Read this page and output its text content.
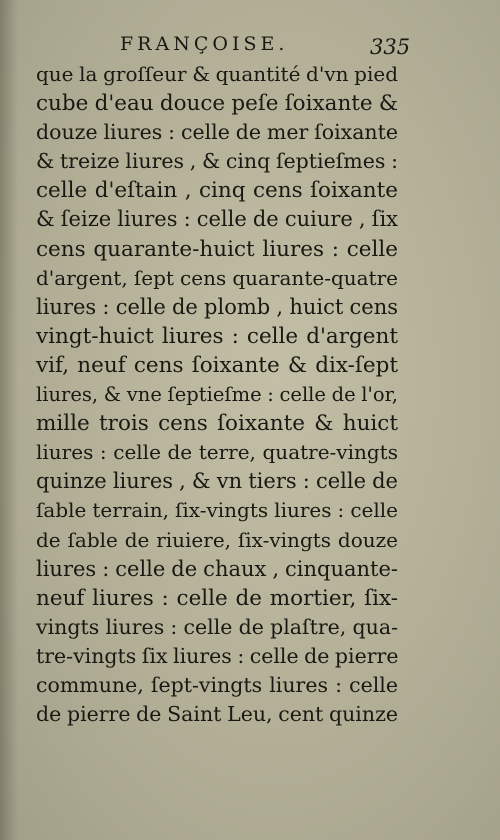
FRANÇOISE.	335
que la groſſeur & quantité d'vn pied
cube d'eau douce peſe ſoixante &
douze liures : celle de mer ſoixante
& treize liures , & cinq ſeptieſmes :
celle d'eſtain , cinq cens ſoixante
& ſeize liures : celle de cuiure , ſix
cens quarante-huict liures : celle
d'argent, ſept cens quarante-quatre
liures : celle de plomb , huict cens
vingt-huict liures : celle d'argent
vif, neuf cens ſoixante & dix-ſept
liures, & vne ſeptieſme : celle de l'or,
mille trois cens ſoixante & huict
liures : celle de terre, quatre-vingts
quinze liures , & vn tiers : celle de
ſable terrain, ſix-vingts liures : celle
de ſable de riuiere, ſix-vingts douze
liures : celle de chaux , cinquante-
neuf liures : celle de mortier, ſix-
vingts liures : celle de plaſtre, qua-
tre-vingts ſix liures : celle de pierre
commune, ſept-vingts liures : celle
de pierre de Saint Leu, cent quinze
